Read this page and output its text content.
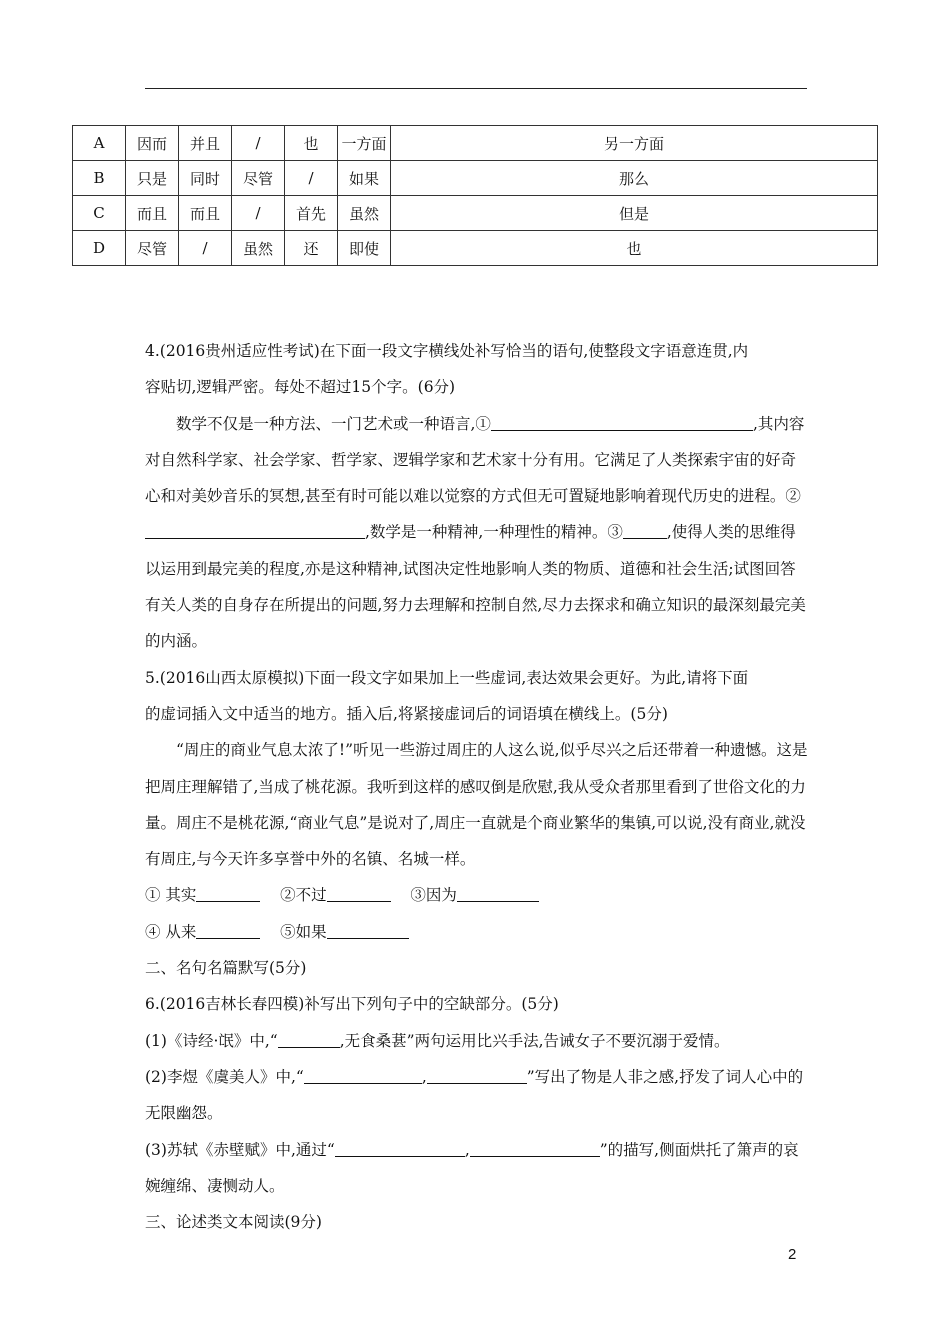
A	因而	并且	/	也	一方面	另一方面
B	只是	同时	尽管	/	如果	那么
C	而且	而且	/	首先	虽然	但是
D	尽管	/	虽然	还	即使	也

4.(2016贵州适应性考试)在下面一段文字横线处补写恰当的语句,使整段文字语意连贯,内
容贴切,逻辑严密。每处不超过15个字。(6分)

数学不仅是一种方法、一门艺术或一种语言,①	,其内容对自然科学家、社会学家、哲学家、逻辑学家和艺术家十分有用。它满足了人类探索宇宙的好奇心和对美妙音乐的冥想,甚至有时可能以难以觉察的方式但无可置疑地影响着现代历史的进程。②,数学是一种精神,一种理性的精神。③	,使得人类的思维得以运用到最完美的程度,亦是这种精神,试图决定性地影响人类的物质、道德和社会生活;试图回答有关人类的自身存在所提出的问题,努力去理解和控制自然,尽力去探求和确立知识的最深刻最完美的内涵。

5.(2016山西太原模拟)下面一段文字如果加上一些虚词,表达效果会更好。为此,请将下面
的虚词插入文中适当的地方。插入后,将紧接虚词后的词语填在横线上。(5分)

“周庄的商业气息太浓了!”听见一些游过周庄的人这么说,似乎尽兴之后还带着一种遗憾。这是把周庄理解错了,当成了桃花源。我听到这样的感叹倒是欣慰,我从受众者那里看到了世俗文化的力量。周庄不是桃花源,“商业气息”是说对了,周庄一直就是个商业繁华的集镇,可以说,没有商业,就没有周庄,与今天许多享誉中外的名镇、名城一样。

① 其实	②不过	③因为

④ 从来	⑤如果

二、名句名篇默写(5分)

6.(2016吉林长春四模)补写出下列句子中的空缺部分。(5分)

(1)《诗经·氓》中,“	,无食桑葚”两句运用比兴手法,告诫女子不要沉溺于爱情。

(2)李煜《虞美人》中,“	,	”写出了物是人非之感,抒发了词人心中的无限幽怨。

(3)苏轼《赤壁赋》中,通过“	,	”的描写,侧面烘托了箫声的哀婉缠绵、凄恻动人。

三、论述类文本阅读(9分)

2
